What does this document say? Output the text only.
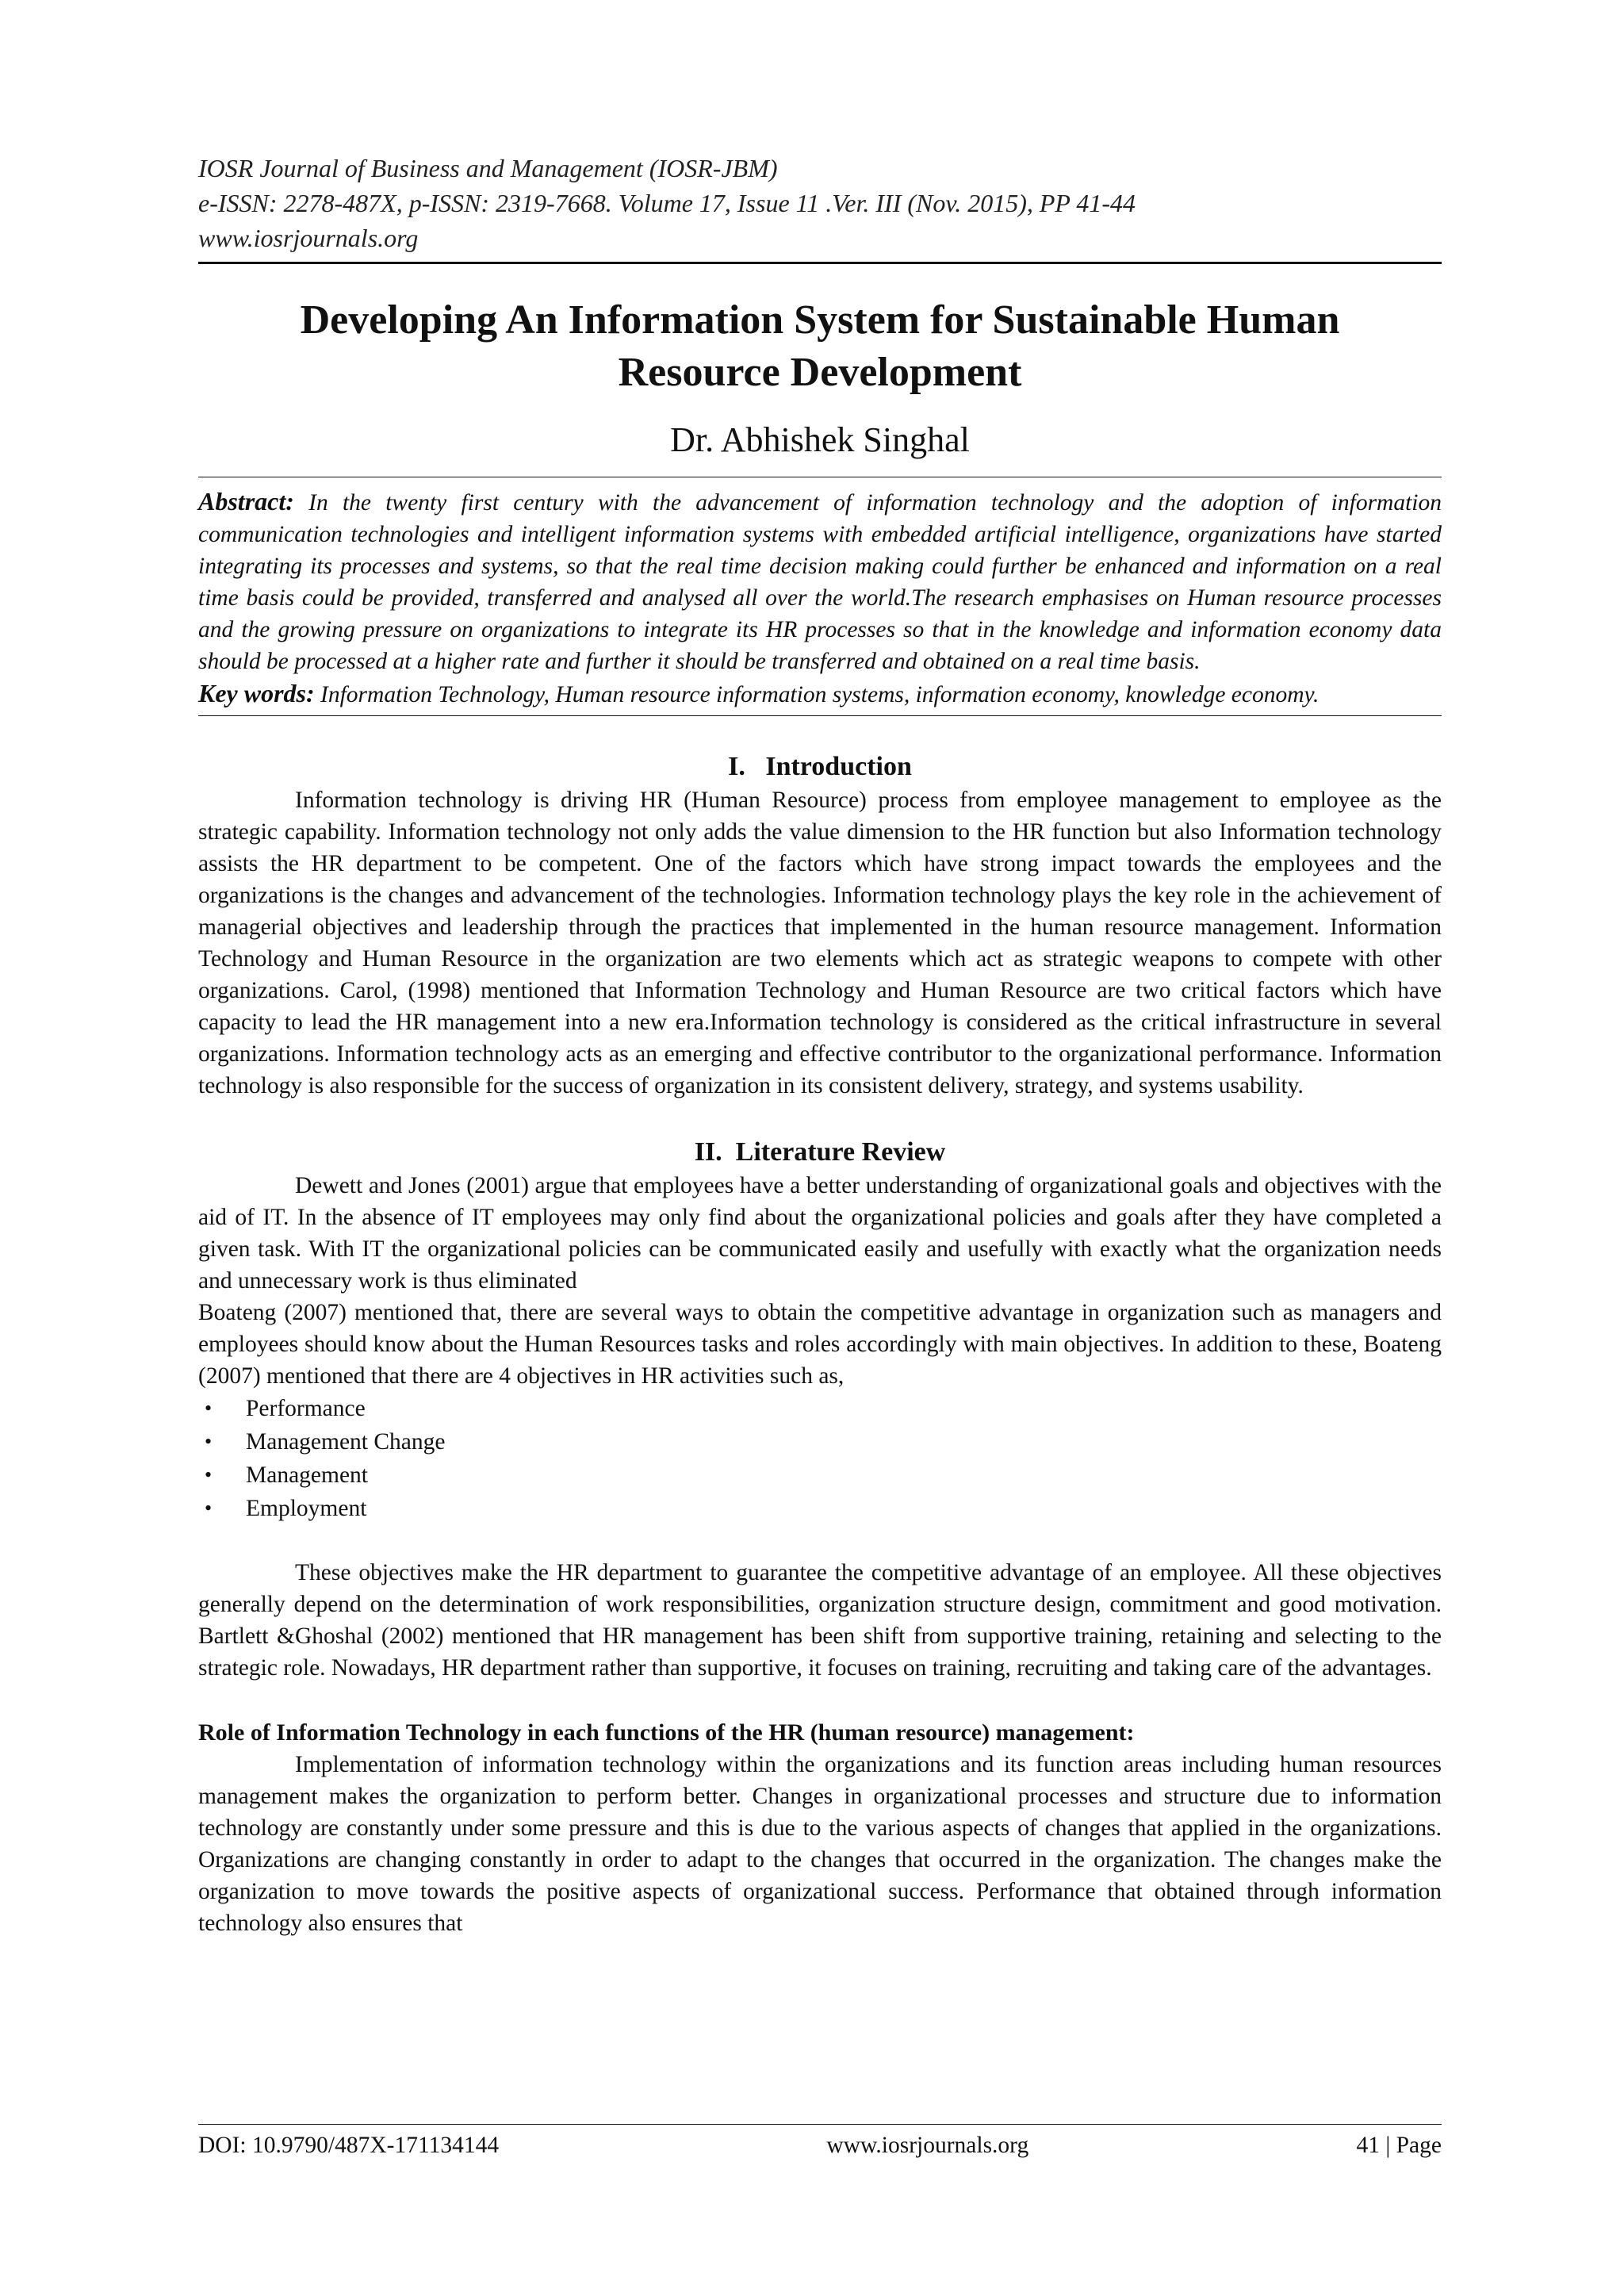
IOSR Journal of Business and Management (IOSR-JBM)
e-ISSN: 2278-487X, p-ISSN: 2319-7668. Volume 17, Issue 11 .Ver. III (Nov. 2015), PP 41-44
www.iosrjournals.org
Developing An Information System for Sustainable Human
Resource Development
Dr. Abhishek Singhal

Abstract: In the twenty first century with the advancement of information technology and the adoption of information communication technologies and intelligent information systems with embedded artificial intelligence, organizations have started integrating its processes and systems, so that the real time decision making could further be enhanced and information on a real time basis could be provided, transferred and analysed all over the world.The research emphasises on Human resource processes and the growing pressure on organizations to integrate its HR processes so that in the knowledge and information economy data should be processed at a higher rate and further it should be transferred and obtained on a real time basis.

Key words: Information Technology, Human resource information systems, information economy, knowledge economy.

I.   Introduction

Information technology is driving HR (Human Resource) process from employee management to employee as the strategic capability. Information technology not only adds the value dimension to the HR function but also Information technology assists the HR department to be competent. One of the factors which have strong impact towards the employees and the organizations is the changes and advancement of the technologies. Information technology plays the key role in the achievement of managerial objectives and leadership through the practices that implemented in the human resource management. Information Technology and Human Resource in the organization are two elements which act as strategic weapons to compete with other organizations. Carol, (1998) mentioned that Information Technology and Human Resource are two critical factors which have capacity to lead the HR management into a new era.Information technology is considered as the critical infrastructure in several organizations. Information technology acts as an emerging and effective contributor to the organizational performance. Information technology is also responsible for the success of organization in its consistent delivery, strategy, and systems usability.

II.  Literature Review

Dewett and Jones (2001) argue that employees have a better understanding of organizational goals and objectives with the aid of IT. In the absence of IT employees may only find about the organizational policies and goals after they have completed a given task. With IT the organizational policies can be communicated easily and usefully with exactly what the organization needs and unnecessary work is thus eliminated

Boateng (2007) mentioned that, there are several ways to obtain the competitive advantage in organization such as managers and employees should know about the Human Resources tasks and roles accordingly with main objectives. In addition to these, Boateng (2007) mentioned that there are 4 objectives in HR activities such as,

• Performance
• Management Change
• Management
• Employment

These objectives make the HR department to guarantee the competitive advantage of an employee. All these objectives generally depend on the determination of work responsibilities, organization structure design, commitment and good motivation. Bartlett &Ghoshal (2002) mentioned that HR management has been shift from supportive training, retaining and selecting to the strategic role. Nowadays, HR department rather than supportive, it focuses on training, recruiting and taking care of the advantages.

Role of Information Technology in each functions of the HR (human resource) management:

Implementation of information technology within the organizations and its function areas including human resources management makes the organization to perform better. Changes in organizational processes and structure due to information technology are constantly under some pressure and this is due to the various aspects of changes that applied in the organizations. Organizations are changing constantly in order to adapt to the changes that occurred in the organization. The changes make the organization to move towards the positive aspects of organizational success. Performance that obtained through information technology also ensures that

DOI: 10.9790/487X-171134144	www.iosrjournals.org	41 | Page
